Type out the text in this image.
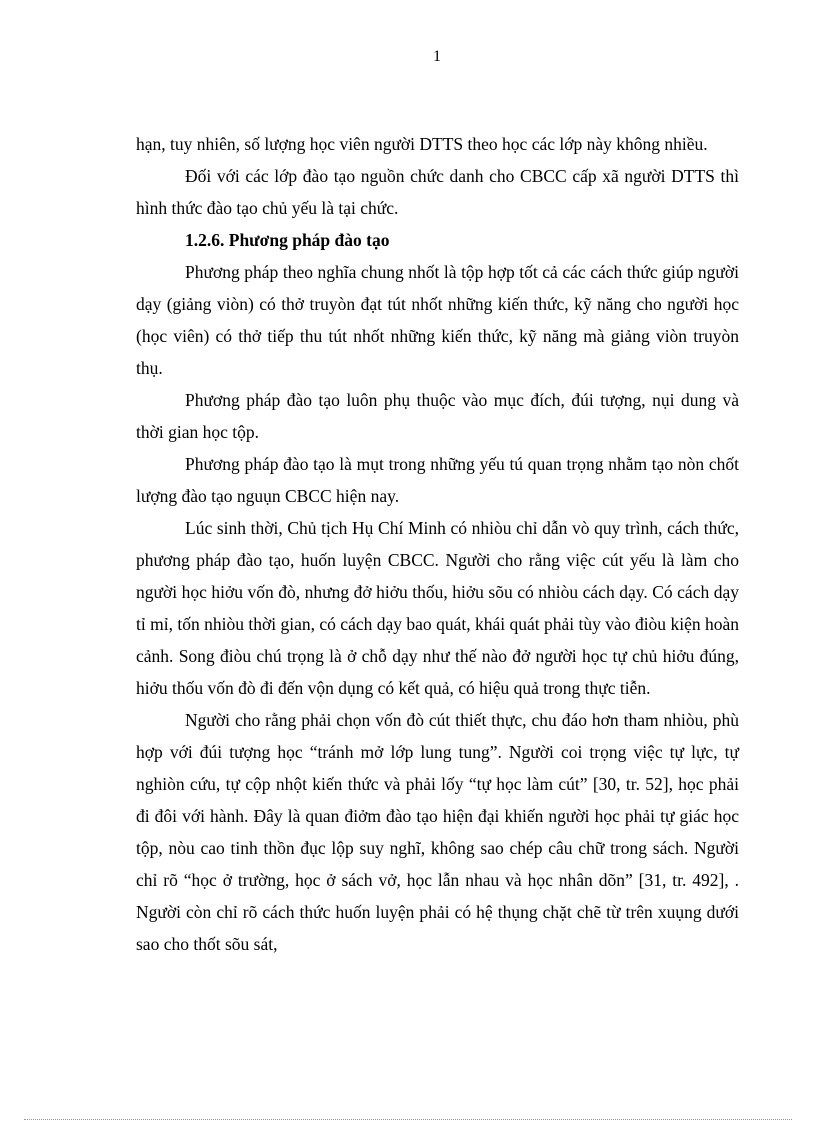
1

hạn, tuy nhiên, số lượng học viên người DTTS theo học các lớp này không nhiều.

Đối với các lớp đào tạo nguồn chức danh cho CBCC cấp xã người DTTS thì hình thức đào tạo chủ yếu là tại chức.

1.2.6. Phương pháp đào tạo

Phương pháp theo nghĩa chung nhốt là tộp hợp tốt cả các cách thức giúp người dạy (giảng viòn) có thở truyòn đạt tút nhốt những kiến thức, kỹ năng cho người học (học viên) có thở tiếp thu tút nhốt những kiến thức, kỹ năng mà giảng viòn truyòn thụ.

Phương pháp đào tạo luôn phụ thuộc vào mục đích, đúi tượng, nụi dung và thời gian học tộp.

Phương pháp đào tạo là mụt trong những yếu tú quan trọng nhằm tạo nòn chốt lượng đào tạo nguụn CBCC hiện nay.

Lúc sinh thời, Chủ tịch Hụ Chí Minh có nhiòu chỉ dẫn vò quy trình, cách thức, phương pháp đào tạo, huốn luyện CBCC. Người cho rằng việc cút yếu là làm cho người học hiởu vốn đò, nhưng đở hiởu thốu, hiởu sõu có nhiòu cách dạy. Có cách dạy tỉ mỉ, tốn nhiòu thời gian, có cách dạy bao quát, khái quát phải tùy vào điòu kiện hoàn cảnh. Song điòu chú trọng là ở chỗ dạy như thế nào đở người học tự chủ hiởu đúng, hiởu thốu vốn đò đi đến vộn dụng có kết quả, có hiệu quả trong thực tiễn.

Người cho rằng phải chọn vốn đò cút thiết thực, chu đáo hơn tham nhiòu, phù hợp với đúi tượng học “tránh mở lớp lung tung”. Người coi trọng việc tự lực, tự nghiòn cứu, tự cộp nhột kiến thức và phải lốy “tự học làm cút” [30, tr. 52], học phải đi đôi với hành. Đây là quan điởm đào tạo hiện đại khiến người học phải tự giác học tộp, nòu cao tinh thồn đục lộp suy nghĩ, không sao chép câu chữ trong sách. Người chỉ rõ “học ở trường, học ở sách vở, học lẫn nhau và học nhân dõn” [31, tr. 492], . Người còn chỉ rõ cách thức huốn luyện phải có hệ thụng chặt chẽ từ trên xuụng dưới sao cho thốt sõu sát,
